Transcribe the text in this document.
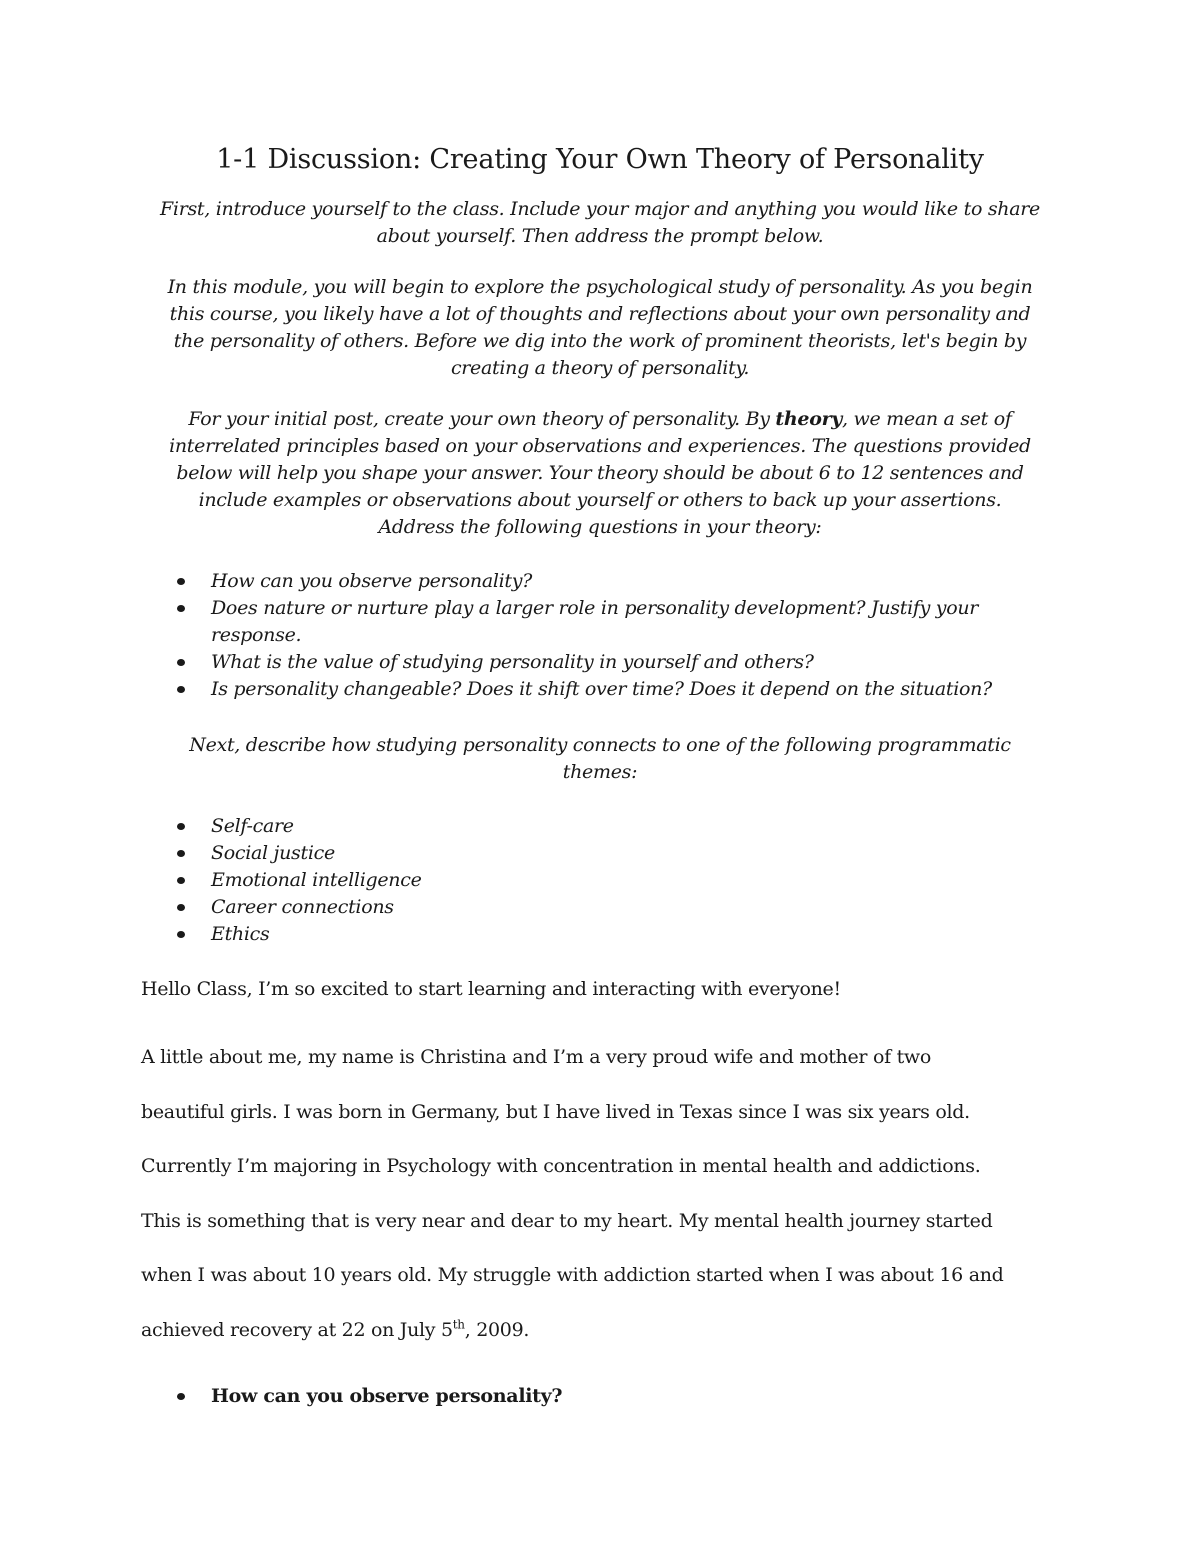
1-1 Discussion: Creating Your Own Theory of Personality
First, introduce yourself to the class. Include your major and anything you would like to share
about yourself. Then address the prompt below.
In this module, you will begin to explore the psychological study of personality. As you begin
this course, you likely have a lot of thoughts and reflections about your own personality and
the personality of others. Before we dig into the work of prominent theorists, let's begin by
creating a theory of personality.
For your initial post, create your own theory of personality. By theory, we mean a set of
interrelated principles based on your observations and experiences. The questions provided
below will help you shape your answer. Your theory should be about 6 to 12 sentences and
include examples or observations about yourself or others to back up your assertions.
Address the following questions in your theory:
How can you observe personality?
Does nature or nurture play a larger role in personality development? Justify your
response.
What is the value of studying personality in yourself and others?
Is personality changeable? Does it shift over time? Does it depend on the situation?
Next, describe how studying personality connects to one of the following programmatic
themes:
Self-care
Social justice
Emotional intelligence
Career connections
Ethics

Hello Class, I’m so excited to start learning and interacting with everyone!

A little about me, my name is Christina and I’m a very proud wife and mother of two
beautiful girls. I was born in Germany, but I have lived in Texas since I was six years old.
Currently I’m majoring in Psychology with concentration in mental health and addictions.
This is something that is very near and dear to my heart. My mental health journey started
when I was about 10 years old. My struggle with addiction started when I was about 16 and
achieved recovery at 22 on July 5th, 2009.
How can you observe personality?
